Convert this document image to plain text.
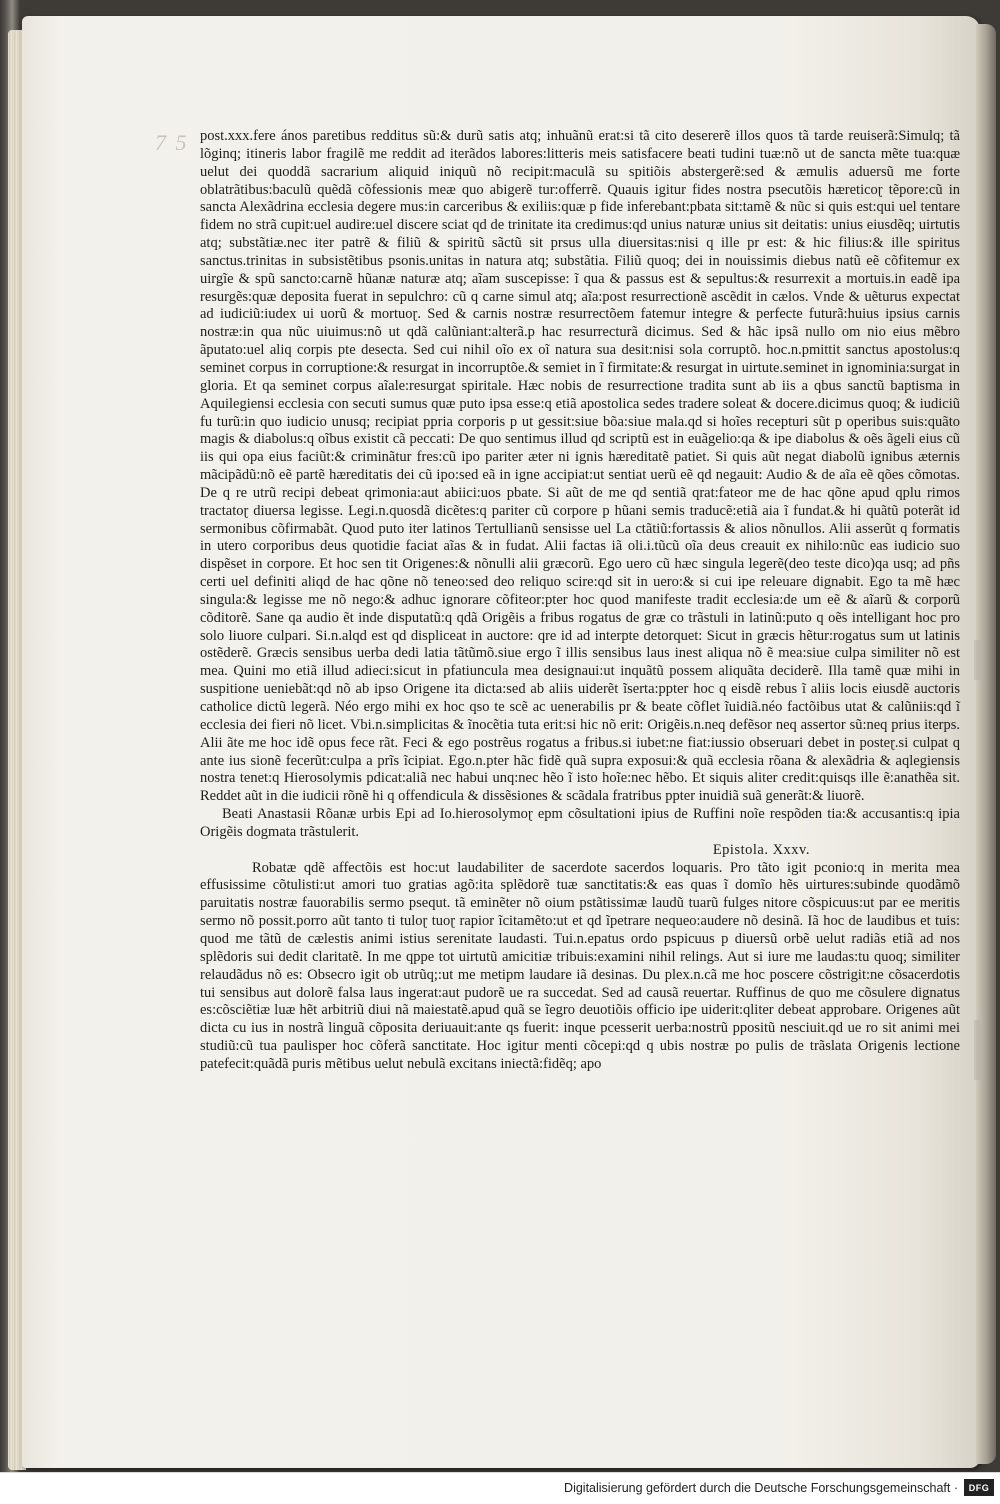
7 5 post.xxx.fere ános paretibus redditus sũ:& durũ satis atq; inhuãnũ erat:si tã cito desererẽ illos quos tã tarde reuiserã:Simulq; tã lõginq; itineris labor fragilẽ me reddit ad iterãdos labores:litteris meis satisfacere beati tudini tuæ:nõ ut de sancta mẽte tua:quæ uelut dei quoddã sacrarium aliquid iniquũ nõ recipit:maculã su spitiõis abstergerẽ:sed & æmulis aduersũ me forte oblatrãtibus:baculũ quẽdã cõfessionis meæ quo abigerẽ tur:offerrẽ. Quauis igitur fides nostra psecutõis hæreticoɽ tẽpore:cũ in sancta Alexãdrina ecclesia degere mus:in carceribus & exiliis:quæ p fide inferebant:pbata sit:tamẽ & nũc si quis est:qui uel tentare fidem no strã cupit:uel audire:uel discere sciat qd de trinitate ita credimus:qd unius naturæ unius sit deitatis: unius eiusdẽq; uirtutis atq; substãtiæ.nec iter patrẽ & filiũ & spiritũ sãctũ sit prsus ulla diuersitas:nisi q ille pr est: & hic filius:& ille spiritus sanctus.trinitas in subsistẽtibus psonis.unitas in natura atq; substãtia. Filiũ quoq; dei in nouissimis diebus natũ eẽ cõfitemur ex uirgĩe & spũ sancto:carnẽ hũanæ naturæ atq; aĩam suscepisse: ĩ qua & passus est & sepultus:& resurrexit a mortuis.in eadẽ ipa resurgẽs:quæ deposita fuerat in sepulchro: cũ q carne simul atq; aĩa:post resurrectionẽ ascẽdit in cælos. Vnde & uẽturus expectat ad iudiciũ:iudex ui uorũ & mortuoɽ. Sed & carnis nostræ resurrectõem fatemur integre & perfecte futurã:huius ipsius carnis nostræ:in qua nũc uiuimus:nõ ut qdã calũniant:alterã.p hac resurrecturã dicimus. Sed & hãc ipsã nullo om nio eius mẽbro ãputato:uel aliq corpis pte desecta. Sed cui nihil oĩo ex oĩ natura sua desit:nisi sola corruptõ. hoc.n.pmittit sanctus apostolus:q seminet corpus in corruptione:& resurgat in incorruptõe.& semiet in ĩ firmitate:& resurgat in uirtute.seminet in ignominia:surgat in gloria. Et qa seminet corpus aĩale:resurgat spiritale. Hæc nobis de resurrectione tradita sunt ab iis a qbus sanctũ baptisma in Aquilegiensi ecclesia con secuti sumus quæ puto ipsa esse:q etiã apostolica sedes tradere soleat & docere.dicimus quoq; & iudiciũ fu turũ:in quo iudicio unusq; recipiat ppria corporis p ut gessit:siue bõa:siue mala.qd si hoĩes recepturi sũt p operibus suis:quãto magis & diabolus:q oĩbus existit cã peccati: De quo sentimus illud qd scriptũ est in euãgelio:qa & ipe diabolus & oẽs ãgeli eius cũ iis qui opa eius faciũt:& criminãtur fres:cũ ipo pariter æter ni ignis hæreditatẽ patiet. Si quis aũt negat diabolũ ignibus æternis mãcipãdũ:nõ eẽ partẽ hæreditatis dei cũ ipo:sed eã in igne accipiat:ut sentiat uerũ eẽ qd negauit: Audio & de aĩa eẽ qões cõmotas. De q re utrũ recipi debeat qrimonia:aut abiici:uos pbate. Si aũt de me qd sentiã qrat:fateor me de hac qõne apud qplu rimos tractatoɽ diuersa legisse. Legi.n.quosdã dicẽtes:q pariter cũ corpore p hũani semis traducẽ:etiã aia ĩ fundat.& hi quãtũ poterãt id sermonibus cõfirmabãt. Quod puto iter latinos Tertullianũ sensisse uel La ctãtiũ:fortassis & alios nõnullos. Alii asserũt q formatis in utero corporibus deus quotidie faciat aĩas & in fudat. Alii factas iã oli.i.tũcũ oĩa deus creauit ex nihilo:nũc eas iudicio suo dispẽset in corpore. Et hoc sen tit Origenes:& nõnulli alii græcorũ. Ego uero cũ hæc singula legerẽ(deo teste dico)qa usq; ad pñs certi uel definiti aliqd de hac qõne nõ teneo:sed deo reliquo scire:qd sit in uero:& si cui ipe releuare dignabit. Ego ta mẽ hæc singula:& legisse me nõ nego:& adhuc ignorare cõfiteor:pter hoc quod manifeste tradit ecclesia:de um eẽ & aĩarũ & corporũ cõditorẽ. Sane qa audio ẽt inde disputatũ:q qdã Origẽis a fribus rogatus de græ co trãstuli in latinũ:puto q oẽs intelligant hoc pro solo liuore culpari. Si.n.alqd est qd displiceat in auctore: qre id ad interpte detorquet: Sicut in græcis hẽtur:rogatus sum ut latinis ostẽderẽ. Græcis sensibus uerba dedi latia tãtũmõ.siue ergo ĩ illis sensibus laus inest aliqua nõ ẽ mea:siue culpa similiter nõ est mea. Quini mo etiã illud adieci:sicut in pfatiuncula mea designaui:ut inquãtũ possem aliquãta deciderẽ. Illa tamẽ quæ mihi in suspitione ueniebãt:qd nõ ab ipso Origene ita dicta:sed ab aliis uiderẽt ĩserta:ppter hoc q eisdẽ rebus ĩ aliis locis eiusdẽ auctoris catholice dictũ legerã. Néo ergo mihi ex hoc qso te scẽ ac uenerabilis pr & beate cõflet ĩuidiã.néo factõibus utat & calũniis:qd ĩ ecclesia dei fieri nõ licet. Vbi.n.simplicitas & ĩnocẽtia tuta erit:si hic nõ erit: Origẽis.n.neq defẽsor neq assertor sũ:neq prius iterps. Alii ãte me hoc idẽ opus fece rãt. Feci & ego postrẽus rogatus a fribus.si iubet:ne fiat:iussio obseruari debet in posteɽ.si culpat q ante ius sionẽ fecerũt:culpa a prĩs ĩcipiat. Ego.n.pter hãc fidẽ quã supra exposui:& quã ecclesia rõana & alexãdria & aqlegiensis nostra tenet:q Hierosolymis pdicat:aliã nec habui unq:nec hẽo ĩ isto hoĩe:nec hẽbo. Et siquis aliter credit:quisqs ille ẽ:anathẽa sit. Reddet aũt in die iudicii rõnẽ hi q offendicula & dissẽsiones & scãdala fratribus ppter inuidiã suã generãt:& liuorẽ.

Beati Anastasii Rõanæ urbis Epi ad Io.hierosolymoɽ epm cõsultationi ipius de Ruffini noĩe respõden tia:& accusantis:q ipia Origẽis dogmata trãstulerit.

Epistola. Xxxv.

Robatæ qdẽ affectõis est hoc:ut laudabiliter de sacerdote sacerdos loquaris. Pro tãto igit pconio:q in merita mea effusissime cõtulisti:ut amori tuo gratias agõ:ita splẽdorẽ tuæ sanctitatis:& eas quas ĩ domĩo hẽs uirtures:subinde quodãmõ paruitatis nostræ fauorabilis sermo psequt. tã eminẽter nõ oium pstãtissimæ laudũ tuarũ fulges nitore cõspicuus:ut par ee meritis sermo nõ possit.porro aũt tanto ti tuloɽ tuoɽ rapior ĩcitamẽto:ut et qd ĩpetrare nequeo:audere nõ desinã. Iã hoc de laudibus et tuis: quod me tãtũ de cælestis animi istius serenitate laudasti. Tui.n.epatus ordo pspicuus p diuersũ orbẽ uelut radiãs etiã ad nos splẽdoris sui dedit claritatẽ. In me qppe tot uirtutũ amicitiæ tribuis:examini nihil relings. Aut si iure me laudas:tu quoq; similiter relaudãdus nõ es: Obsecro igit ob utrũq;:ut me metipm laudare iã desinas. Du plex.n.cã me hoc poscere cõstrigit:ne cõsacerdotis tui sensibus aut dolorẽ falsa laus ingerat:aut pudorẽ ue ra succedat. Sed ad causã reuertar. Ruffinus de quo me cõsulere dignatus es:cõsciẽtiæ luæ hẽt arbitriũ diui nã maiestatẽ.apud quã se ĩegro deuotiõis officio ipe uiderit:qliter debeat approbare. Origenes aũt dicta cu ius in nostrã linguã cõposita deriuauit:ante qs fuerit: inque pcesserit uerba:nostrũ ppositũ nesciuit.qd ue ro sit animi mei studiũ:cũ tua paulisper hoc cõferã sanctitate. Hoc igitur menti cõcepi:qd q ubis nostræ po pulis de trãslata Origenis lectione patefecit:quãdã puris mẽtibus uelut nebulã excitans iniectã:fidẽq; apo

Digitalisierung gefördert durch die Deutsche Forschungsgemeinschaft ·	DFG
